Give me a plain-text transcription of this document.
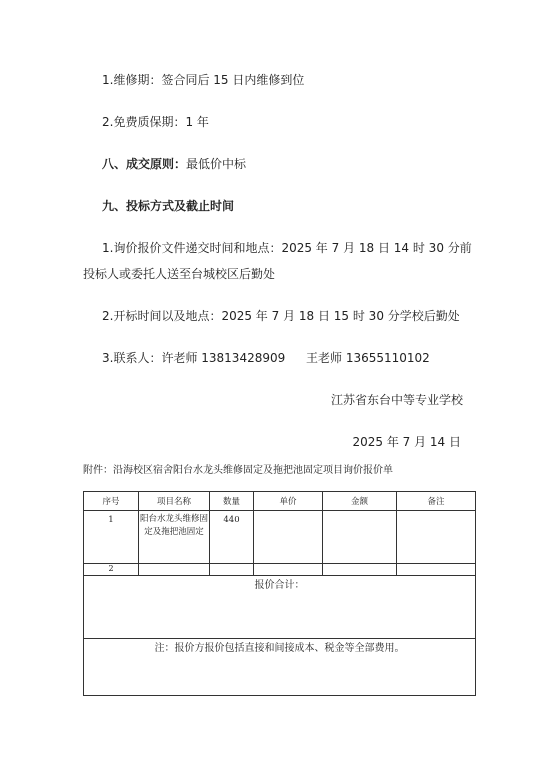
1.维修期：签合同后 15 日内维修到位

2.免费质保期：1 年

八、成交原则：最低价中标

九、投标方式及截止时间

1.询价报价文件递交时间和地点：2025 年 7 月 18 日 14 时 30 分前

投标人或委托人送至台城校区后勤处

2.开标时间以及地点：2025 年 7 月 18 日 15 时 30 分学校后勤处

3.联系人：许老师 13813428909 王老师 13655110102

江苏省东台中等专业学校

2025 年 7 月 14 日

附件：沿海校区宿舍阳台水龙头维修固定及拖把池固定项目询价报价单
序号	项目名称	数量	单价	金额	备注
1	阳台水龙头维修固定及拖把池固定	440			
2					
报价合计：					
注：报价方报价包括直接和间接成本、税金等全部费用。					
